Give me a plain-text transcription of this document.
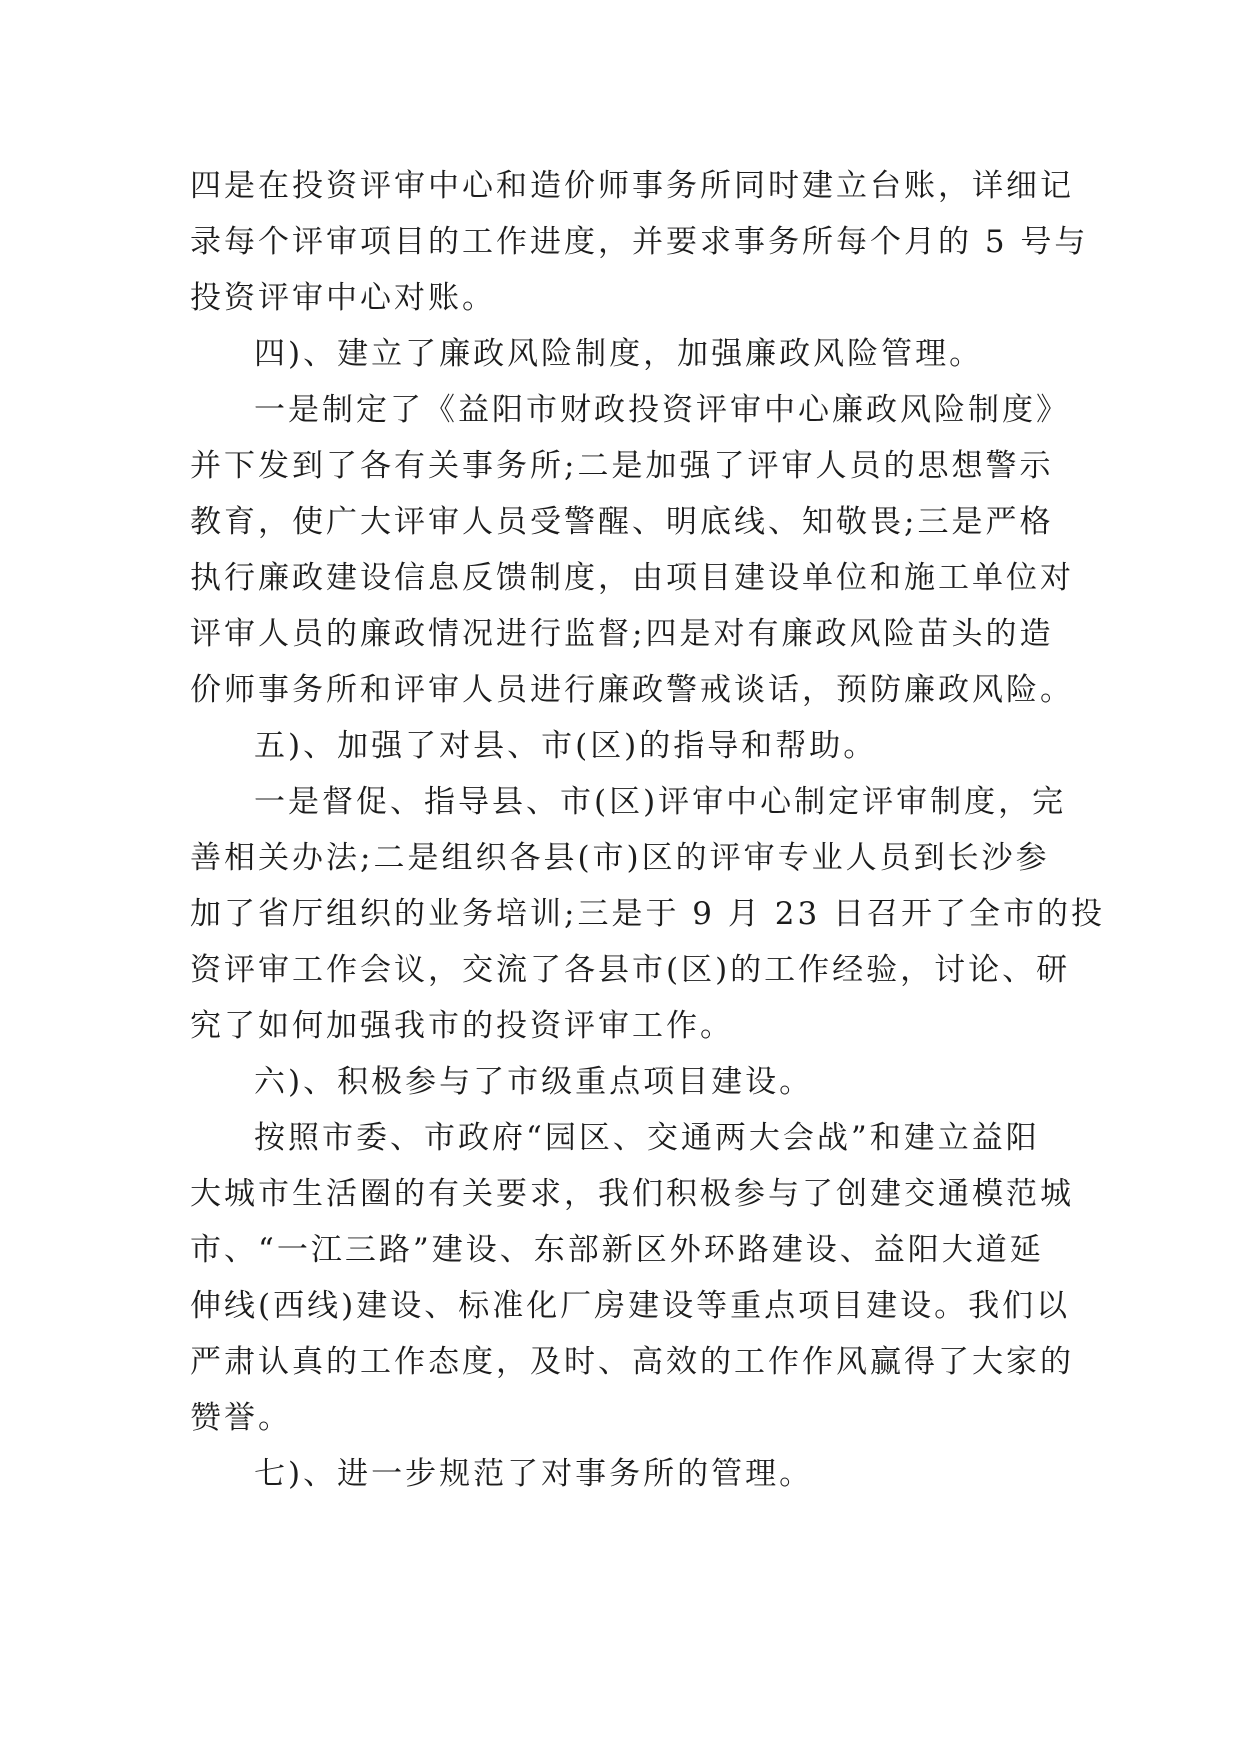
四是在投资评审中心和造价师事务所同时建立台账，详细记
录每个评审项目的工作进度，并要求事务所每个月的 5 号与
投资评审中心对账。

四)、建立了廉政风险制度，加强廉政风险管理。

一是制定了《益阳市财政投资评审中心廉政风险制度》
并下发到了各有关事务所;二是加强了评审人员的思想警示
教育，使广大评审人员受警醒、明底线、知敬畏;三是严格
执行廉政建设信息反馈制度，由项目建设单位和施工单位对
评审人员的廉政情况进行监督;四是对有廉政风险苗头的造
价师事务所和评审人员进行廉政警戒谈话，预防廉政风险。

五)、加强了对县、市(区)的指导和帮助。

一是督促、指导县、市(区)评审中心制定评审制度，完
善相关办法;二是组织各县(市)区的评审专业人员到长沙参
加了省厅组织的业务培训;三是于 9 月 23 日召开了全市的投
资评审工作会议，交流了各县市(区)的工作经验，讨论、研
究了如何加强我市的投资评审工作。

六)、积极参与了市级重点项目建设。

按照市委、市政府“园区、交通两大会战”和建立益阳
大城市生活圈的有关要求，我们积极参与了创建交通模范城
市、“一江三路”建设、东部新区外环路建设、益阳大道延
伸线(西线)建设、标准化厂房建设等重点项目建设。我们以
严肃认真的工作态度，及时、高效的工作作风赢得了大家的
赞誉。

七)、进一步规范了对事务所的管理。
